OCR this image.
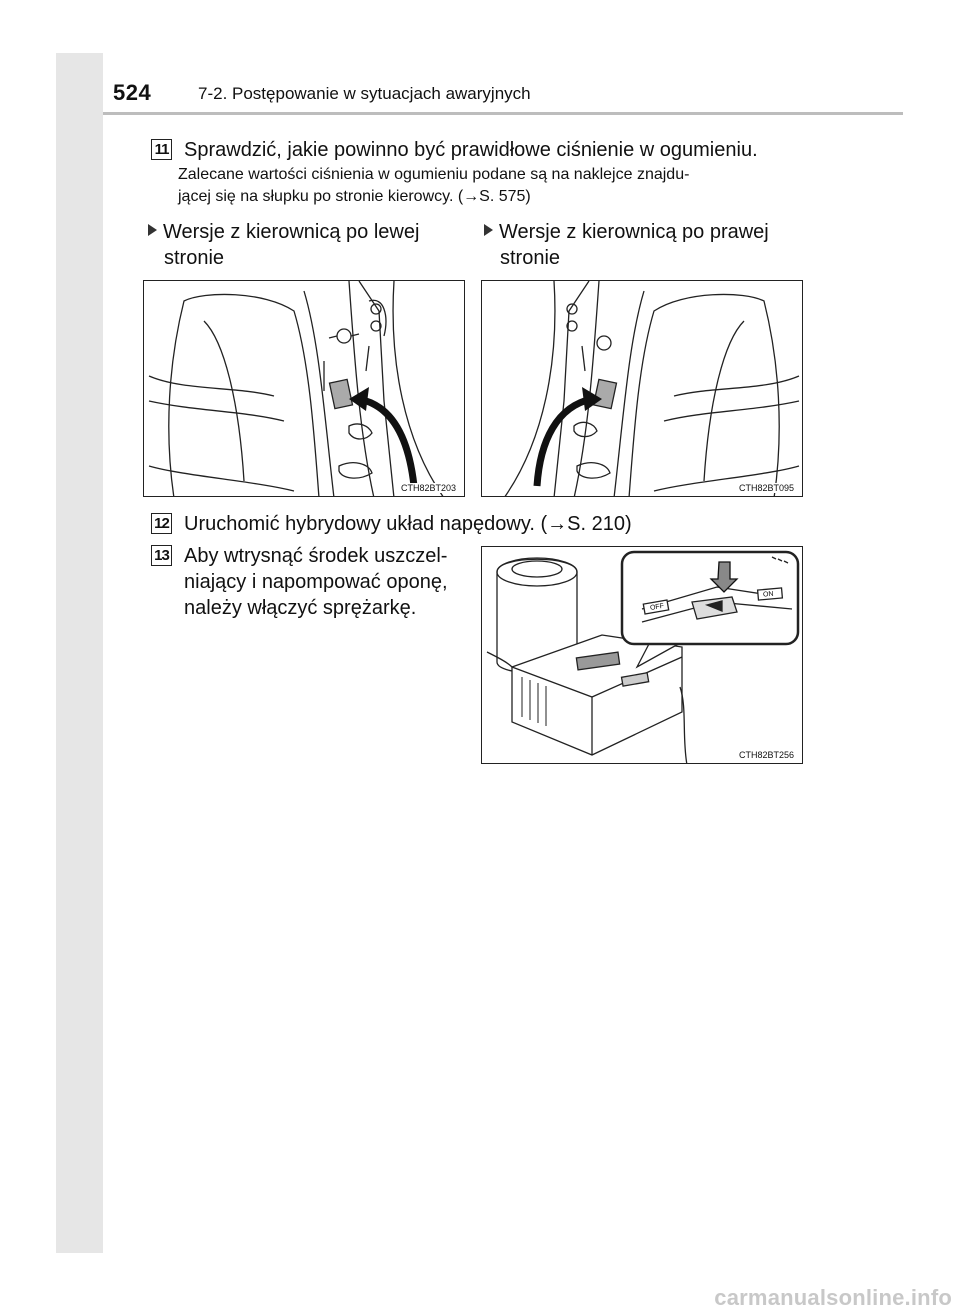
524	7-2. Postępowanie w sytuacjach awaryjnych
11 Sprawdzić, jakie powinno być prawidłowe ciśnienie w ogumieniu.
Zalecane wartości ciśnienia w ogumieniu podane są na naklejce znajdu-
jącej się na słupku po stronie kierowcy. (→S. 575)
Wersje z kierownicą po lewej
stronie
Wersje z kierownicą po prawej
stronie
CTH82BT203	CTH82BT095
12 Uruchomić hybrydowy układ napędowy. (→S. 210)
13 Aby wtrysnąć środek uszczel-
niający i napompować oponę,
należy włączyć sprężarkę.	OFF
ON
CTH82BT256
carmanualsonline.info
